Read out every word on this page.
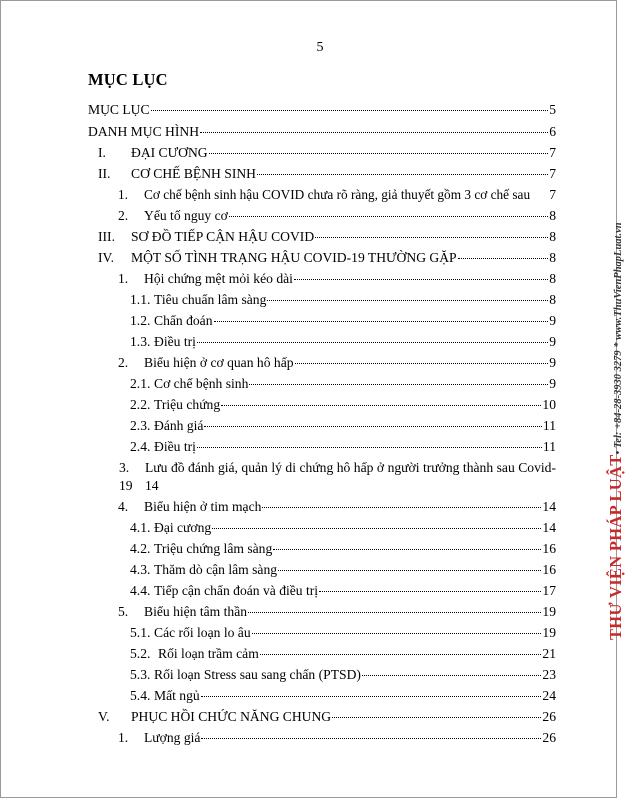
5
MỤC LỤC
MỤC LỤC	5
DANH MỤC HÌNH	6
I.	ĐẠI CƯƠNG	7
II.	CƠ CHẾ BỆNH SINH	7
1.	Cơ chế bệnh sinh hậu COVID chưa rõ ràng, giả thuyết gồm 3 cơ chế sau 7
2.	Yếu tố nguy cơ	8
III.	SƠ ĐỒ TIẾP CẬN HẬU COVID	8
IV.	MỘT SỐ TÌNH TRẠNG HẬU COVID-19 THƯỜNG GẶP	8
1.	Hội chứng mệt mỏi kéo dài	8
1.1. Tiêu chuẩn lâm sàng	8
1.2. Chẩn đoán	9
1.3. Điều trị	9
2.	Biểu hiện ở cơ quan hô hấp	9
2.1. Cơ chế bệnh sinh	9
2.2. Triệu chứng	10
2.3. Đánh giá	11
2.4. Điều trị	11
3. Lưu đồ đánh giá, quản lý di chứng hô hấp ở người trưởng thành sau Covid-
19 14
4.	Biểu hiện ở tim mạch	14
4.1. Đại cương	14
4.2. Triệu chứng lâm sàng	16
4.3. Thăm dò cận lâm sàng	16
4.4. Tiếp cận chẩn đoán và điều trị	17
5.	Biểu hiện tâm thần	19
5.1. Các rối loạn lo âu	19
5.2. Rối loạn trầm cảm	21
5.3. Rối loạn Stress sau sang chấn (PTSD)	23
5.4. Mất ngủ	24
V.	PHỤC HỒI CHỨC NĂNG CHUNG	26
1.	Lượng giá	26
THƯ VIỆN PHÁP LUẬT• Tel: +84-28-3930 3279 * www.ThuVienPhapLuat.vn
